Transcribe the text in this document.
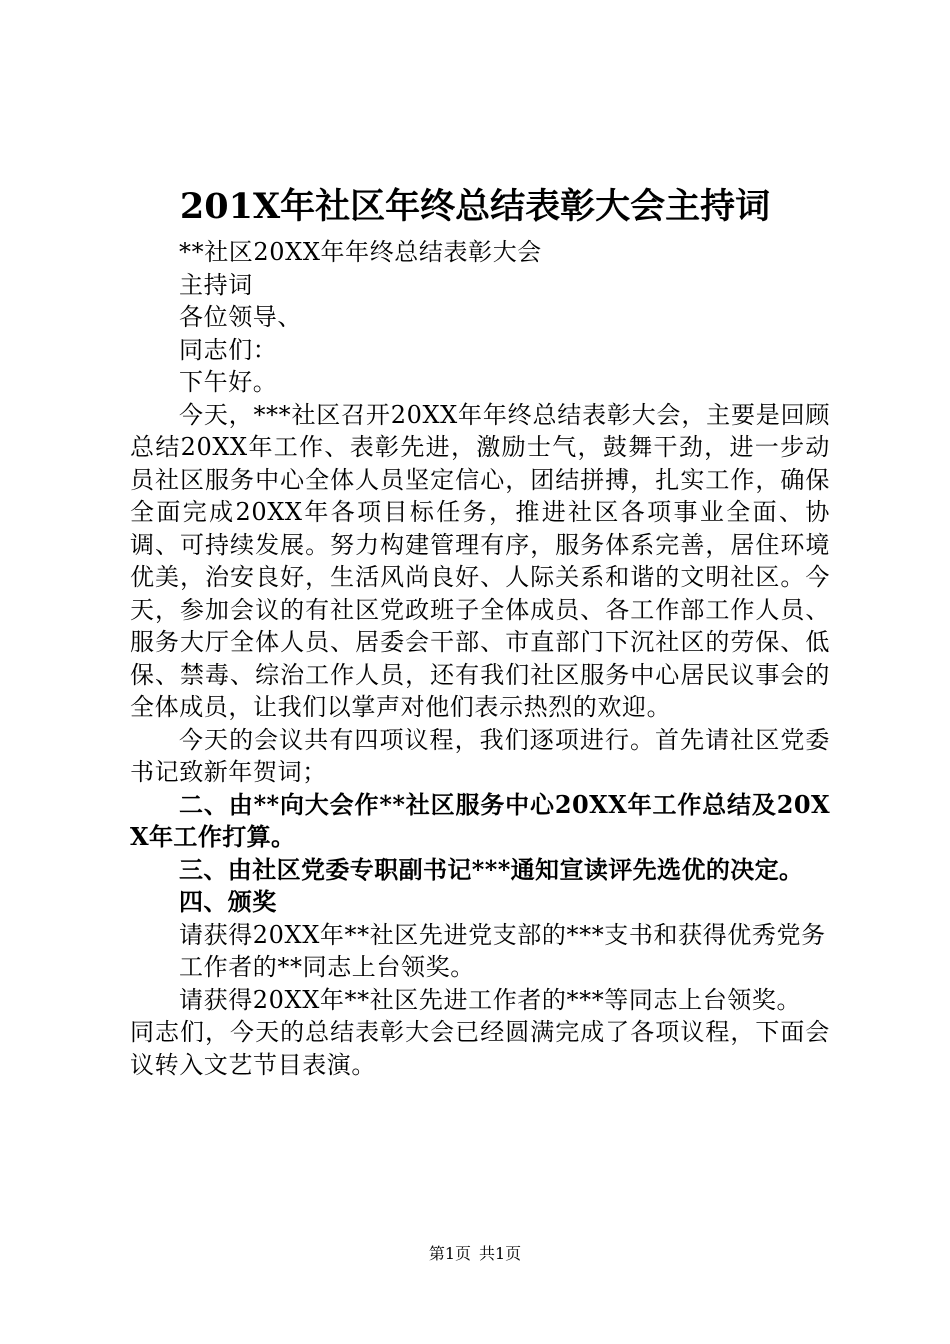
201X年社区年终总结表彰大会主持词

**社区20XX年年终总结表彰大会

主持词

各位领导、

同志们：

下午好。

今天，***社区召开20XX年年终总结表彰大会，主要是回顾总结20XX年工作、表彰先进，激励士气，鼓舞干劲，进一步动员社区服务中心全体人员坚定信心，团结拼搏，扎实工作，确保全面完成20XX年各项目标任务，推进社区各项事业全面、协调、可持续发展。努力构建管理有序，服务体系完善，居住环境优美，治安良好，生活风尚良好、人际关系和谐的文明社区。今天，参加会议的有社区党政班子全体成员、各工作部工作人员、服务大厅全体人员、居委会干部、市直部门下沉社区的劳保、低保、禁毒、综治工作人员，还有我们社区服务中心居民议事会的全体成员，让我们以掌声对他们表示热烈的欢迎。

今天的会议共有四项议程，我们逐项进行。首先请社区党委书记致新年贺词；

二、由**向大会作**社区服务中心20XX年工作总结及20XX年工作打算。

三、由社区党委专职副书记***通知宣读评先选优的决定。

四、颁奖

请获得20XX年**社区先进党支部的***支书和获得优秀党务

工作者的**同志上台领奖。

请获得20XX年**社区先进工作者的***等同志上台领奖。

同志们，今天的总结表彰大会已经圆满完成了各项议程，下面会议转入文艺节目表演。

第1页 共1页
